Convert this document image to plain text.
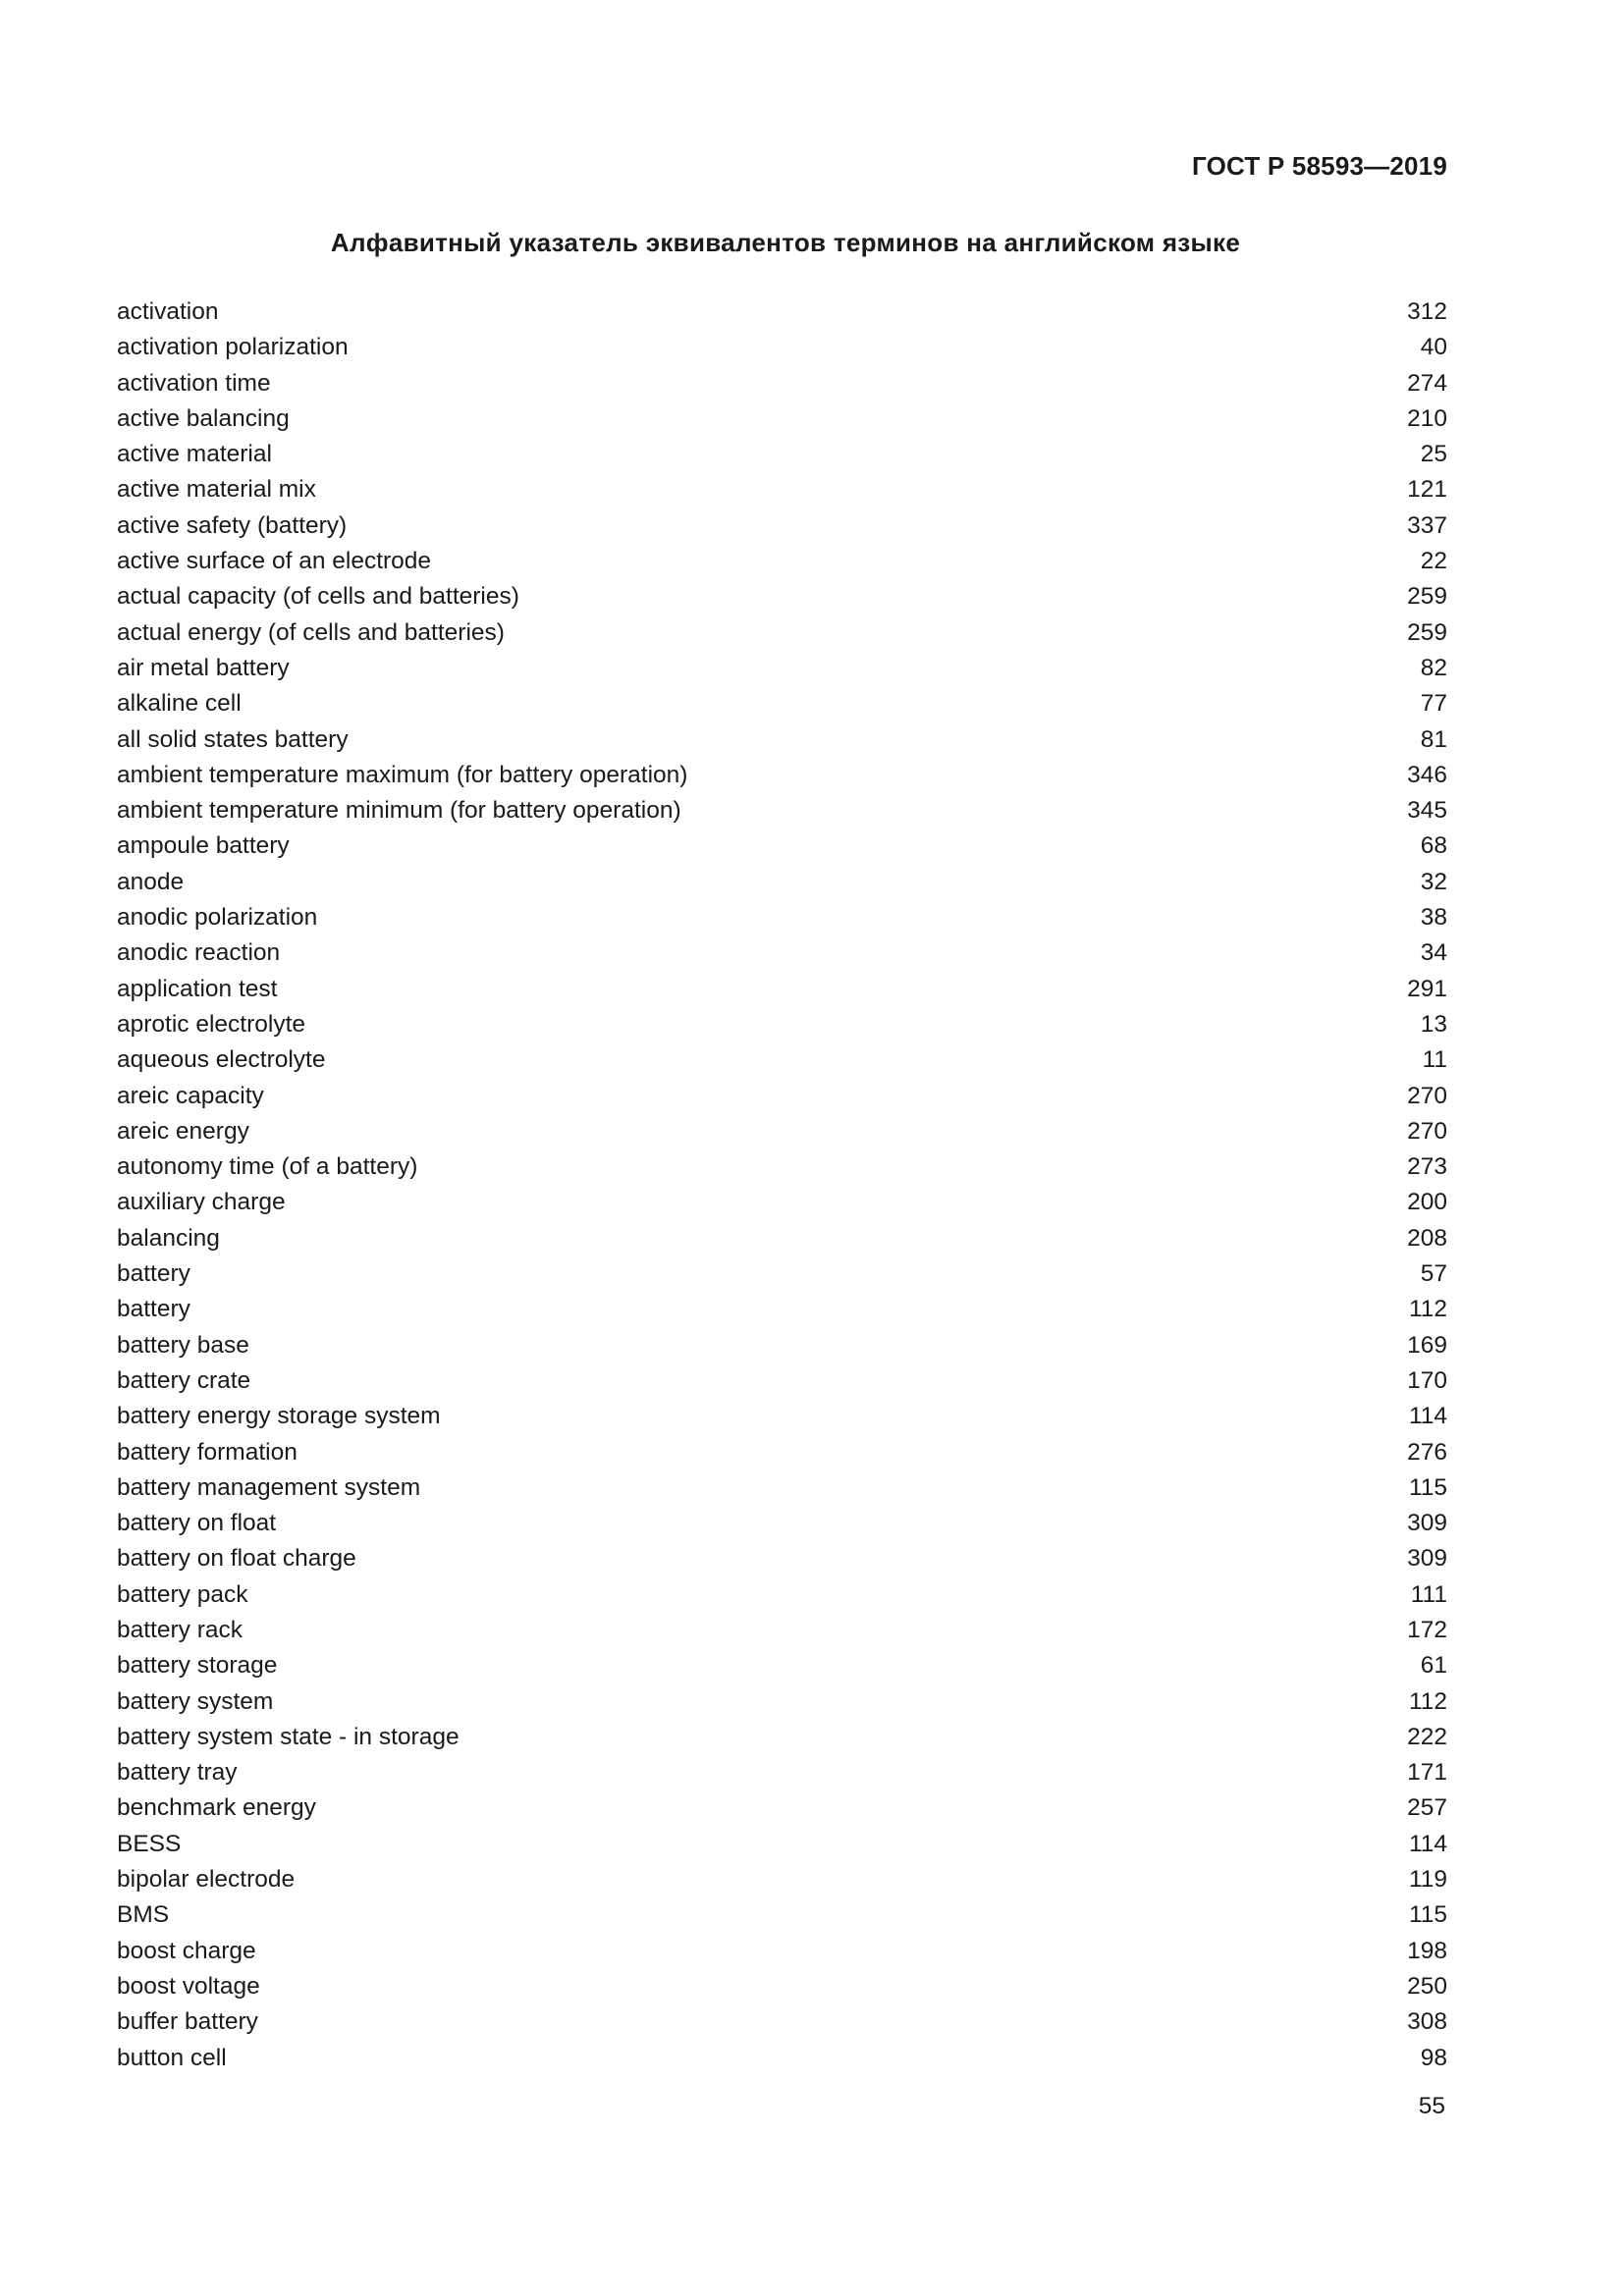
ГОСТ Р 58593—2019
Алфавитный указатель эквивалентов терминов на английском языке
activation	312
activation polarization	40
activation time	274
active balancing	210
active material	25
active material mix	121
active safety (battery)	337
active surface of an electrode	22
actual capacity (of cells and batteries)	259
actual energy (of cells and batteries)	259
air metal battery	82
alkaline cell	77
all solid states battery	81
ambient temperature maximum (for battery operation)	346
ambient temperature minimum (for battery operation)	345
ampoule battery	68
anode	32
anodic polarization	38
anodic reaction	34
application test	291
aprotic electrolyte	13
aqueous electrolyte	11
areic capacity	270
areic energy	270
autonomy time (of a battery)	273
auxiliary charge	200
balancing	208
battery	57
battery	112
battery base	169
battery crate	170
battery energy storage system	114
battery formation	276
battery management system	115
battery on float	309
battery on float charge	309
battery pack	111
battery rack	172
battery storage	61
battery system	112
battery system state - in storage	222
battery tray	171
benchmark energy	257
BESS	114
bipolar electrode	119
BMS	115
boost charge	198
boost voltage	250
buffer battery	308
button cell	98
55
